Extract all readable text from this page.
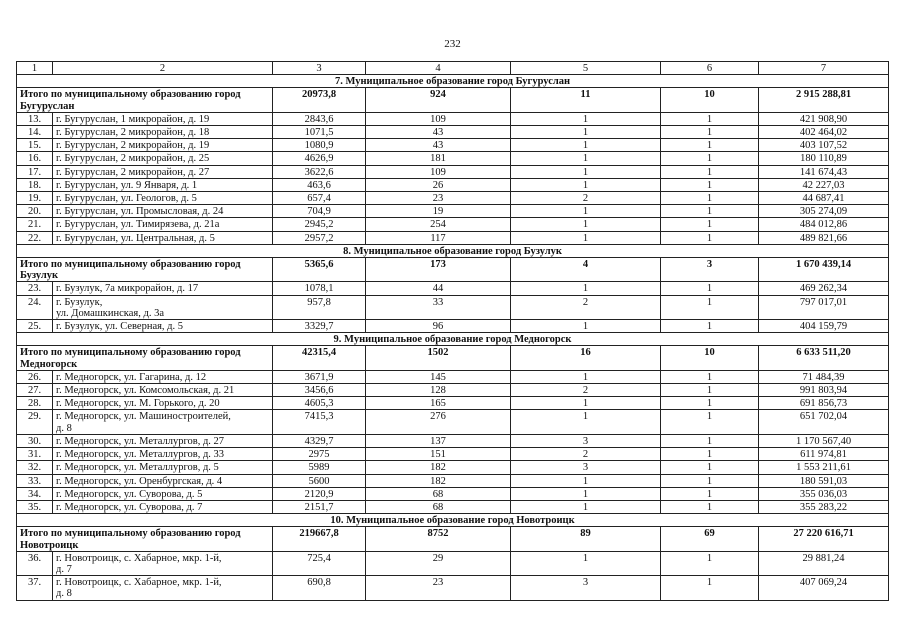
232
1	2	3	4	5	6	7
7. Муниципальное образование город Бугуруслан						
Итого по муниципальному образованию город Бугуруслан		20973,8	924	11	10	2 915 288,81
13.	г. Бугуруслан, 1 микрорайон, д. 19	2843,6	109	1	1	421 908,90
14.	г. Бугуруслан, 2 микрорайон, д. 18	1071,5	43	1	1	402 464,02
15.	г. Бугуруслан, 2 микрорайон, д. 19	1080,9	43	1	1	403 107,52
16.	г. Бугуруслан, 2 микрорайон, д. 25	4626,9	181	1	1	180 110,89
17.	г. Бугуруслан, 2 микрорайон, д. 27	3622,6	109	1	1	141 674,43
18.	г. Бугуруслан, ул. 9 Января, д. 1	463,6	26	1	1	42 227,03
19.	г. Бугуруслан, ул. Геологов, д. 5	657,4	23	2	1	44 687,41
20.	г. Бугуруслан, ул. Промысловая, д. 24	704,9	19	1	1	305 274,09
21.	г. Бугуруслан, ул. Тимирязева, д. 21а	2945,2	254	1	1	484 012,86
22.	г. Бугуруслан, ул. Центральная, д. 5	2957,2	117	1	1	489 821,66
8. Муниципальное образование город Бузулук						
Итого по муниципальному образованию город Бузулук		5365,6	173	4	3	1 670 439,14
23.	г. Бузулук, 7а микрорайон, д. 17	1078,1	44	1	1	469 262,34
24.	г. Бузулук,
ул. Домашкинская, д. 3а	957,8	33	2	1	797 017,01
25.	г. Бузулук, ул. Северная, д. 5	3329,7	96	1	1	404 159,79
9. Муниципальное образование город Медногорск						
Итого по муниципальному образованию город Медногорск		42315,4	1502	16	10	6 633 511,20
26.	г. Медногорск, ул. Гагарина, д. 12	3671,9	145	1	1	71 484,39
27.	г. Медногорск, ул. Комсомольская, д. 21	3456,6	128	2	1	991 803,94
28.	г. Медногорск, ул. М. Горького, д. 20	4605,3	165	1	1	691 856,73
29.	г. Медногорск, ул. Машиностроителей,
д. 8	7415,3	276	1	1	651 702,04
30.	г. Медногорск, ул. Металлургов, д. 27	4329,7	137	3	1	1 170 567,40
31.	г. Медногорск, ул. Металлургов, д. 33	2975	151	2	1	611 974,81
32.	г. Медногорск, ул. Металлургов, д. 5	5989	182	3	1	1 553 211,61
33.	г. Медногорск, ул. Оренбургская, д. 4	5600	182	1	1	180 591,03
34.	г. Медногорск, ул. Суворова, д. 5	2120,9	68	1	1	355 036,03
35.	г. Медногорск, ул. Суворова, д. 7	2151,7	68	1	1	355 283,22
10. Муниципальное образование город Новотроицк						
Итого по муниципальному образованию город Новотроицк		219667,8	8752	89	69	27 220 616,71
36.	г. Новотроицк, с. Хабарное, мкр. 1-й,
д. 7	725,4	29	1	1	29 881,24
37.	г. Новотроицк, с. Хабарное, мкр. 1-й,
д. 8	690,8	23	3	1	407 069,24
